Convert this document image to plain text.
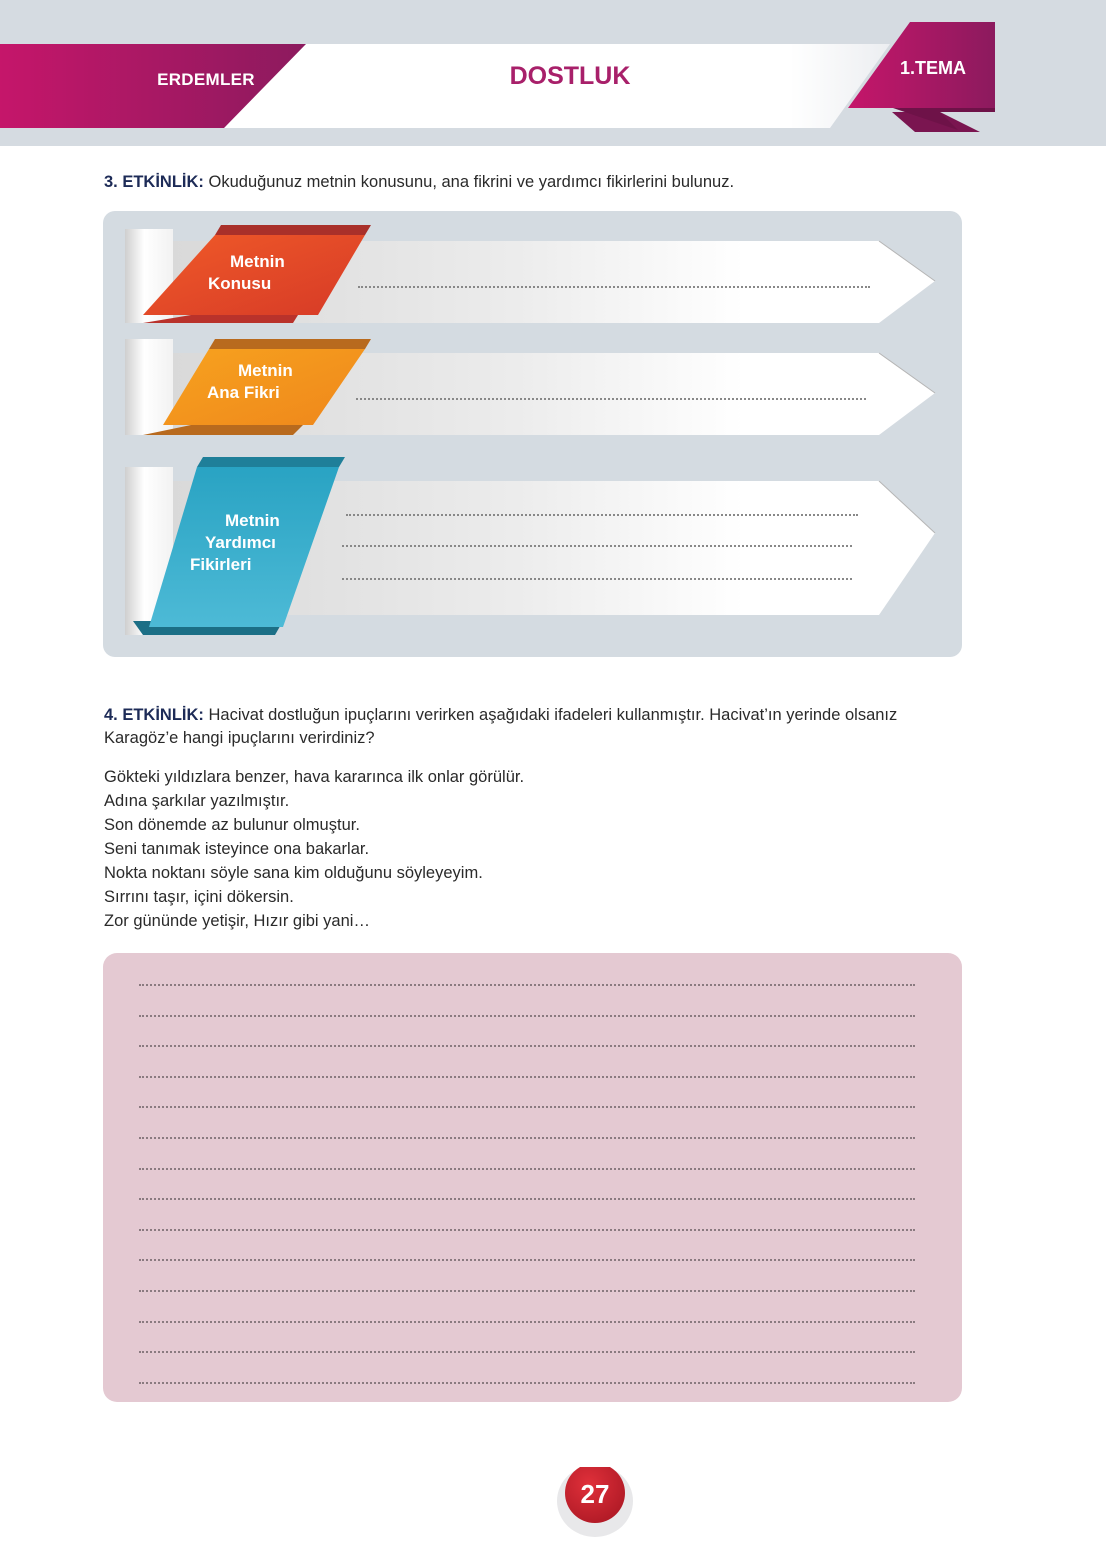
ERDEMLER	DOSTLUK	1.TEMA
3. ETKİNLİK: Okuduğunuz metnin konusunu, ana fikrini ve yardımcı fikirlerini bulunuz.
Metnin
Konusu
Metnin
Ana Fikri
Metnin
Yardımcı
Fikirleri
4. ETKİNLİK: Hacivat dostluğun ipuçlarını verirken aşağıdaki ifadeleri kullanmıştır. Hacivat’ın yerinde olsanız Karagöz’e hangi ipuçlarını verirdiniz?
Gökteki yıldızlara benzer, hava kararınca ilk onlar görülür.
Adına şarkılar yazılmıştır.
Son dönemde az bulunur olmuştur.
Seni tanımak isteyince ona bakarlar.
Nokta noktanı söyle sana kim olduğunu söyleyeyim.
Sırrını taşır, içini dökersin.
Zor gününde yetişir, Hızır gibi yani…
27
